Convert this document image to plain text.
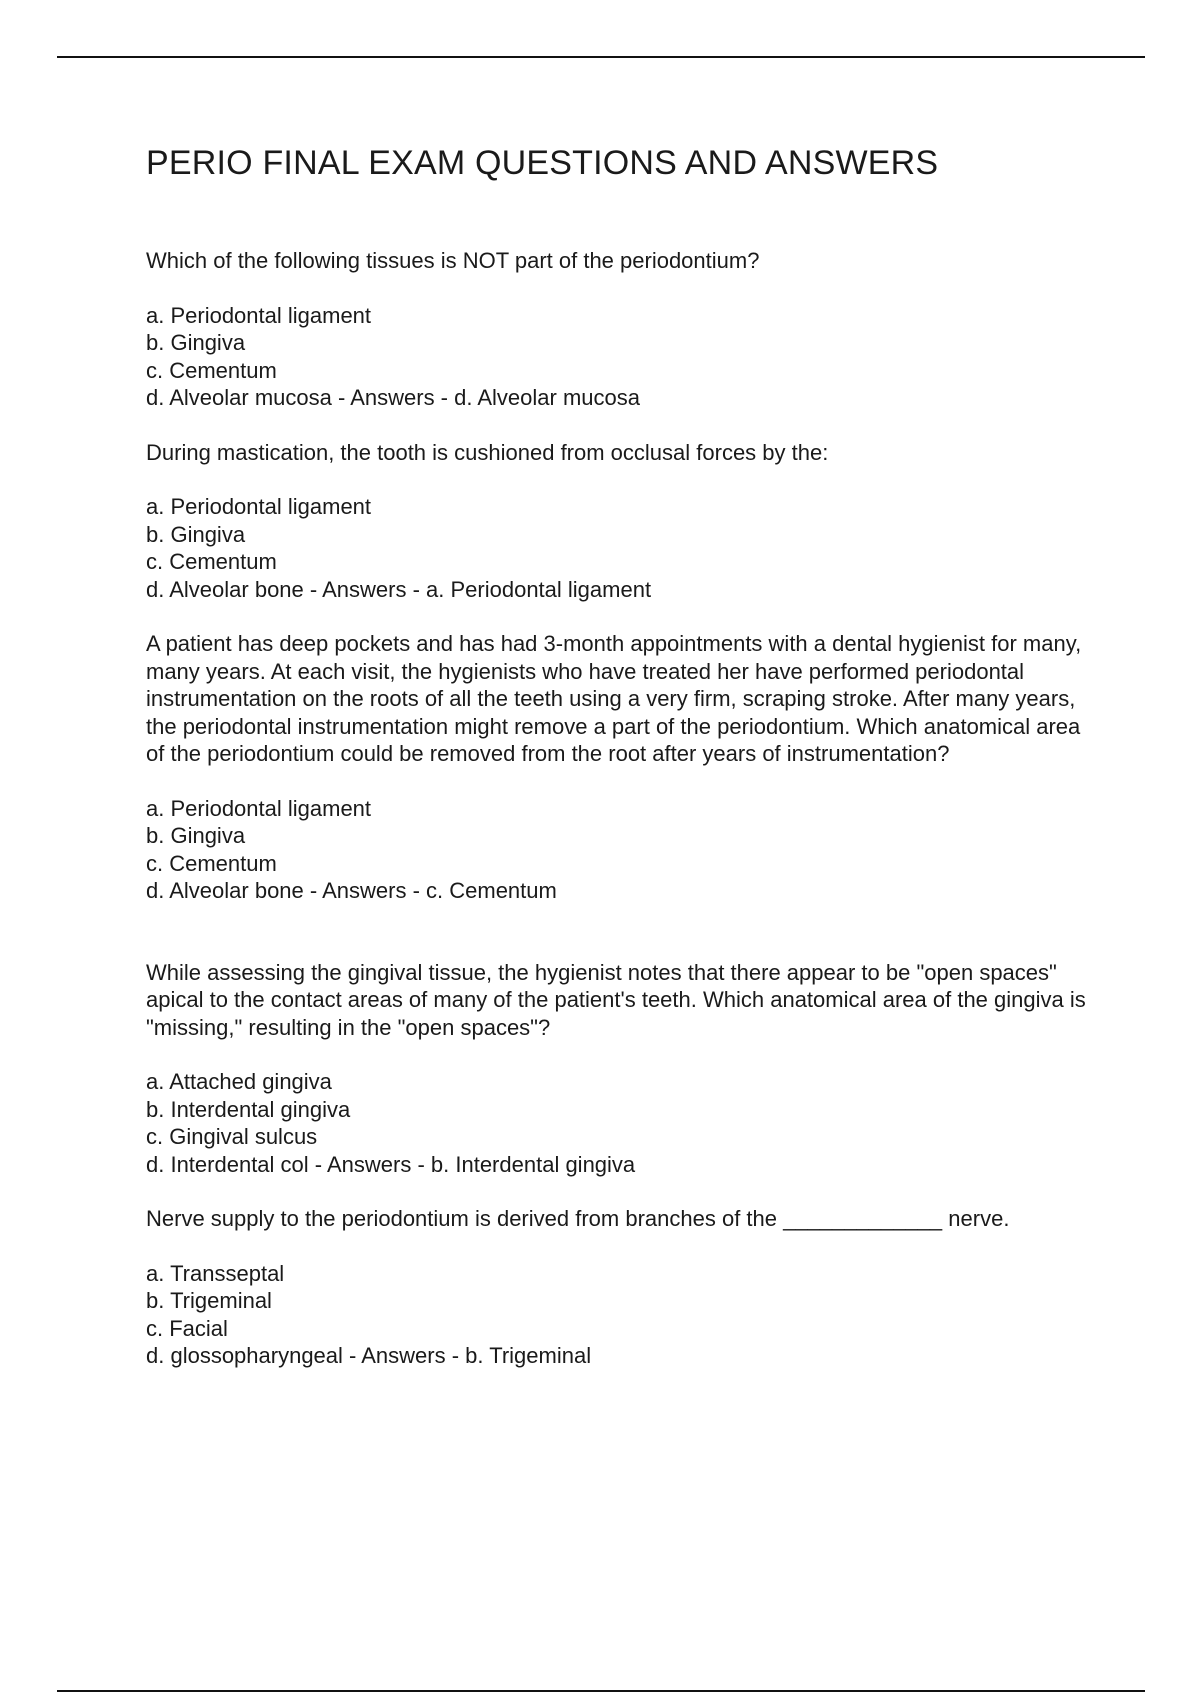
PERIO FINAL EXAM QUESTIONS AND ANSWERS

Which of the following tissues is NOT part of the periodontium?

a. Periodontal ligament
b. Gingiva
c. Cementum
d. Alveolar mucosa - Answers - d. Alveolar mucosa

During mastication, the tooth is cushioned from occlusal forces by the:

a. Periodontal ligament
b. Gingiva
c. Cementum
d. Alveolar bone - Answers - a. Periodontal ligament

A patient has deep pockets and has had 3-month appointments with a dental hygienist for many, many years. At each visit, the hygienists who have treated her have performed periodontal instrumentation on the roots of all the teeth using a very firm, scraping stroke. After many years, the periodontal instrumentation might remove a part of the periodontium. Which anatomical area of the periodontium could be removed from the root after years of instrumentation?

a. Periodontal ligament
b. Gingiva
c. Cementum
d. Alveolar bone - Answers - c. Cementum

While assessing the gingival tissue, the hygienist notes that there appear to be "open spaces" apical to the contact areas of many of the patient's teeth. Which anatomical area of the gingiva is "missing," resulting in the "open spaces"?

a. Attached gingiva
b. Interdental gingiva
c. Gingival sulcus
d. Interdental col - Answers - b. Interdental gingiva

Nerve supply to the periodontium is derived from branches of the _____________ nerve.

a. Transseptal
b. Trigeminal
c. Facial
d. glossopharyngeal - Answers - b. Trigeminal
